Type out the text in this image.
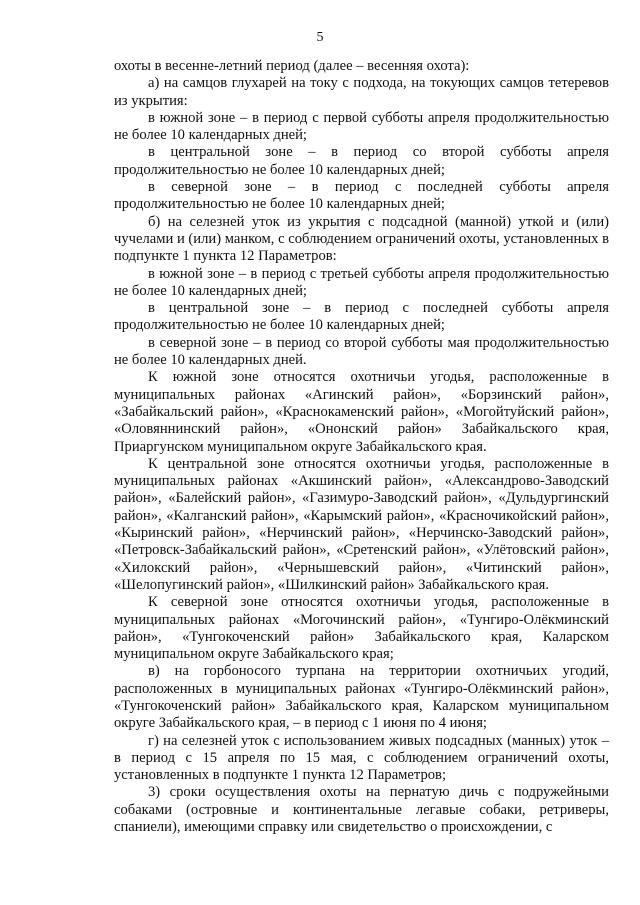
5

охоты в весенне-летний период (далее – весенняя охота):

а) на самцов глухарей на току с подхода, на токующих самцов тетеревов из укрытия:

в южной зоне – в период с первой субботы апреля продолжительностью не более 10 календарных дней;

в центральной зоне – в период со второй субботы апреля продолжительностью не более 10 календарных дней;

в северной зоне – в период с последней субботы апреля продолжительностью не более 10 календарных дней;

б) на селезней уток из укрытия с подсадной (манной) уткой и (или) чучелами и (или) манком, с соблюдением ограничений охоты, установленных в подпункте 1 пункта 12 Параметров:

в южной зоне – в период с третьей субботы апреля продолжительностью не более 10 календарных дней;

в центральной зоне – в период с последней субботы апреля продолжительностью не более 10 календарных дней;

в северной зоне – в период со второй субботы мая продолжительностью не более 10 календарных дней.

К южной зоне относятся охотничьи угодья, расположенные в муниципальных районах «Агинский район», «Борзинский район», «Забайкальский район», «Краснокаменский район», «Могойтуйский район», «Оловяннинский район», «Ононский район» Забайкальского края, Приаргунском муниципальном округе Забайкальского края.

К центральной зоне относятся охотничьи угодья, расположенные в муниципальных районах «Акшинский район», «Александрово-Заводский район», «Балейский район», «Газимуро-Заводский район», «Дульдургинский район», «Калганский район», «Карымский район», «Красночикойский район», «Кыринский район», «Нерчинский район», «Нерчинско-Заводский район», «Петровск-Забайкальский район», «Сретенский район», «Улётовский район», «Хилокский район», «Чернышевский район», «Читинский район», «Шелопугинский район», «Шилкинский район» Забайкальского края.

К северной зоне относятся охотничьи угодья, расположенные в муниципальных районах «Могочинский район», «Тунгиро-Олёкминский район», «Тунгокоченский район» Забайкальского края, Каларском муниципальном округе Забайкальского края;

в) на горбоносого турпана на территории охотничьих угодий, расположенных в муниципальных районах «Тунгиро-Олёкминский район», «Тунгокоченский район» Забайкальского края, Каларском муниципальном округе Забайкальского края, – в период с 1 июня по 4 июня;

г) на селезней уток с использованием живых подсадных (манных) уток – в период с 15 апреля по 15 мая, с соблюдением ограничений охоты, установленных в подпункте 1 пункта 12 Параметров;

3) сроки осуществления охоты на пернатую дичь с подружейными собаками (островные и континентальные легавые собаки, ретриверы, спаниели), имеющими справку или свидетельство о происхождении, с
